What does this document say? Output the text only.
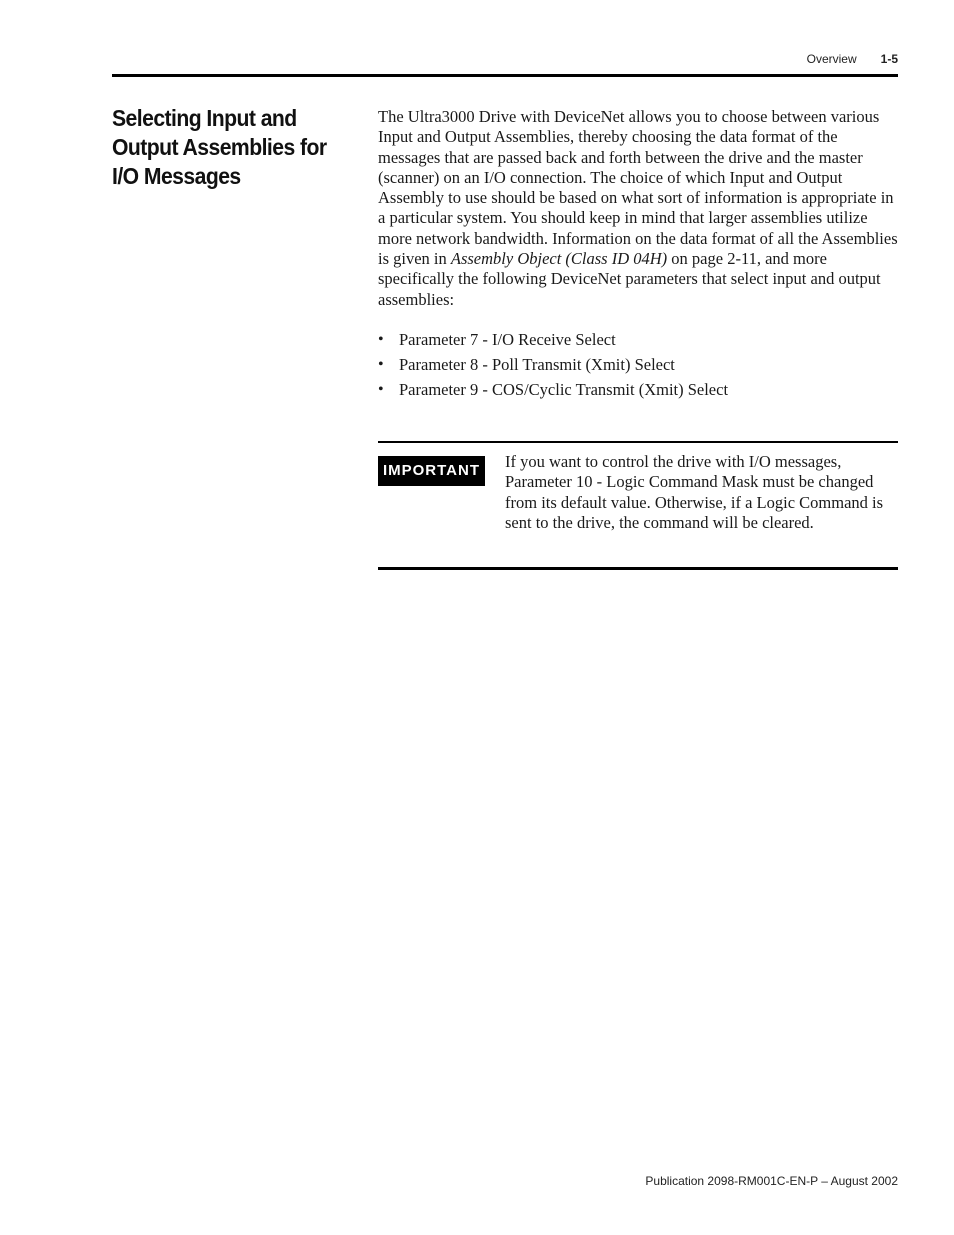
Overview 1-5
Selecting Input and Output Assemblies for I/O Messages

The Ultra3000 Drive with DeviceNet allows you to choose between various Input and Output Assemblies, thereby choosing the data format of the messages that are passed back and forth between the drive and the master (scanner) on an I/O connection. The choice of which Input and Output Assembly to use should be based on what sort of information is appropriate in a particular system. You should keep in mind that larger assemblies utilize more network bandwidth. Information on the data format of all the Assemblies is given in Assembly Object (Class ID 04H) on page 2-11, and more specifically the following DeviceNet parameters that select input and output assemblies:

• Parameter 7 - I/O Receive Select
• Parameter 8 - Poll Transmit (Xmit) Select
• Parameter 9 - COS/Cyclic Transmit (Xmit) Select
IMPORTANT	If you want to control the drive with I/O messages, Parameter 10 - Logic Command Mask must be changed from its default value. Otherwise, if a Logic Command is sent to the drive, the command will be cleared.

Publication 2098-RM001C-EN-P – August 2002
